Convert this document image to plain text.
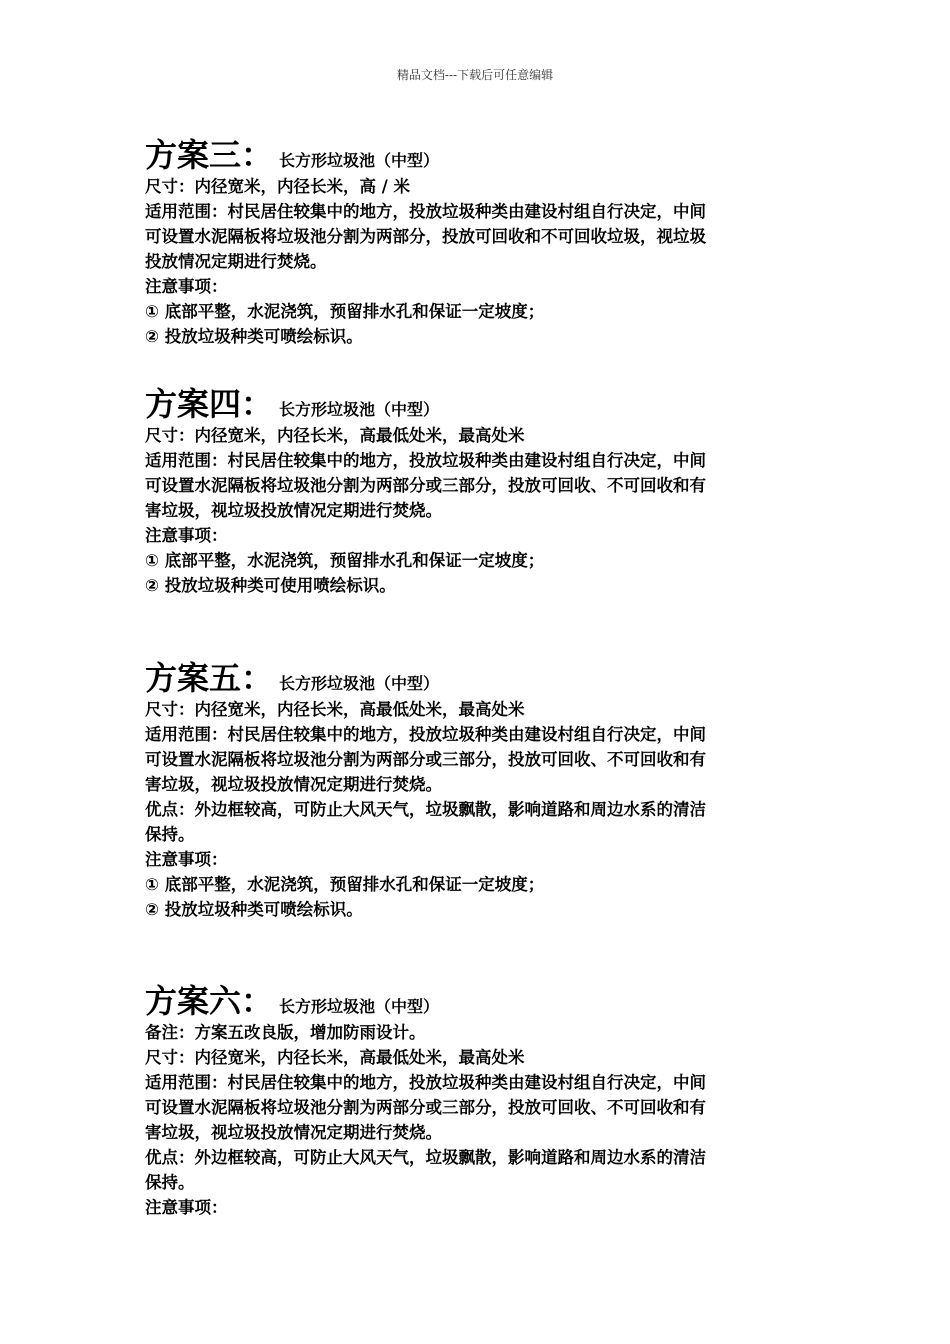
精品文档---下载后可任意编辑
方案三： 长方形垃圾池（中型）
尺寸：内径宽米，内径长米，高 / 米
适用范围：村民居住较集中的地方，投放垃圾种类由建设村组自行决定，中间
可设置水泥隔板将垃圾池分割为两部分，投放可回收和不可回收垃圾，视垃圾
投放情况定期进行焚烧。
注意事项：
① 底部平整，水泥浇筑，预留排水孔和保证一定坡度；
② 投放垃圾种类可喷绘标识。
方案四： 长方形垃圾池（中型）
尺寸：内径宽米，内径长米，高最低处米，最高处米
适用范围：村民居住较集中的地方，投放垃圾种类由建设村组自行决定，中间
可设置水泥隔板将垃圾池分割为两部分或三部分，投放可回收、不可回收和有
害垃圾，视垃圾投放情况定期进行焚烧。
注意事项：
① 底部平整，水泥浇筑，预留排水孔和保证一定坡度；
② 投放垃圾种类可使用喷绘标识。
方案五： 长方形垃圾池（中型）
尺寸：内径宽米，内径长米，高最低处米，最高处米
适用范围：村民居住较集中的地方，投放垃圾种类由建设村组自行决定，中间
可设置水泥隔板将垃圾池分割为两部分或三部分，投放可回收、不可回收和有
害垃圾，视垃圾投放情况定期进行焚烧。
优点：外边框较高，可防止大风天气，垃圾飘散，影响道路和周边水系的清洁
保持。
注意事项：
① 底部平整，水泥浇筑，预留排水孔和保证一定坡度；
② 投放垃圾种类可喷绘标识。
方案六： 长方形垃圾池（中型）
备注：方案五改良版，增加防雨设计。
尺寸：内径宽米，内径长米，高最低处米，最高处米
适用范围：村民居住较集中的地方，投放垃圾种类由建设村组自行决定，中间
可设置水泥隔板将垃圾池分割为两部分或三部分，投放可回收、不可回收和有
害垃圾，视垃圾投放情况定期进行焚烧。
优点：外边框较高，可防止大风天气，垃圾飘散，影响道路和周边水系的清洁
保持。
注意事项：
